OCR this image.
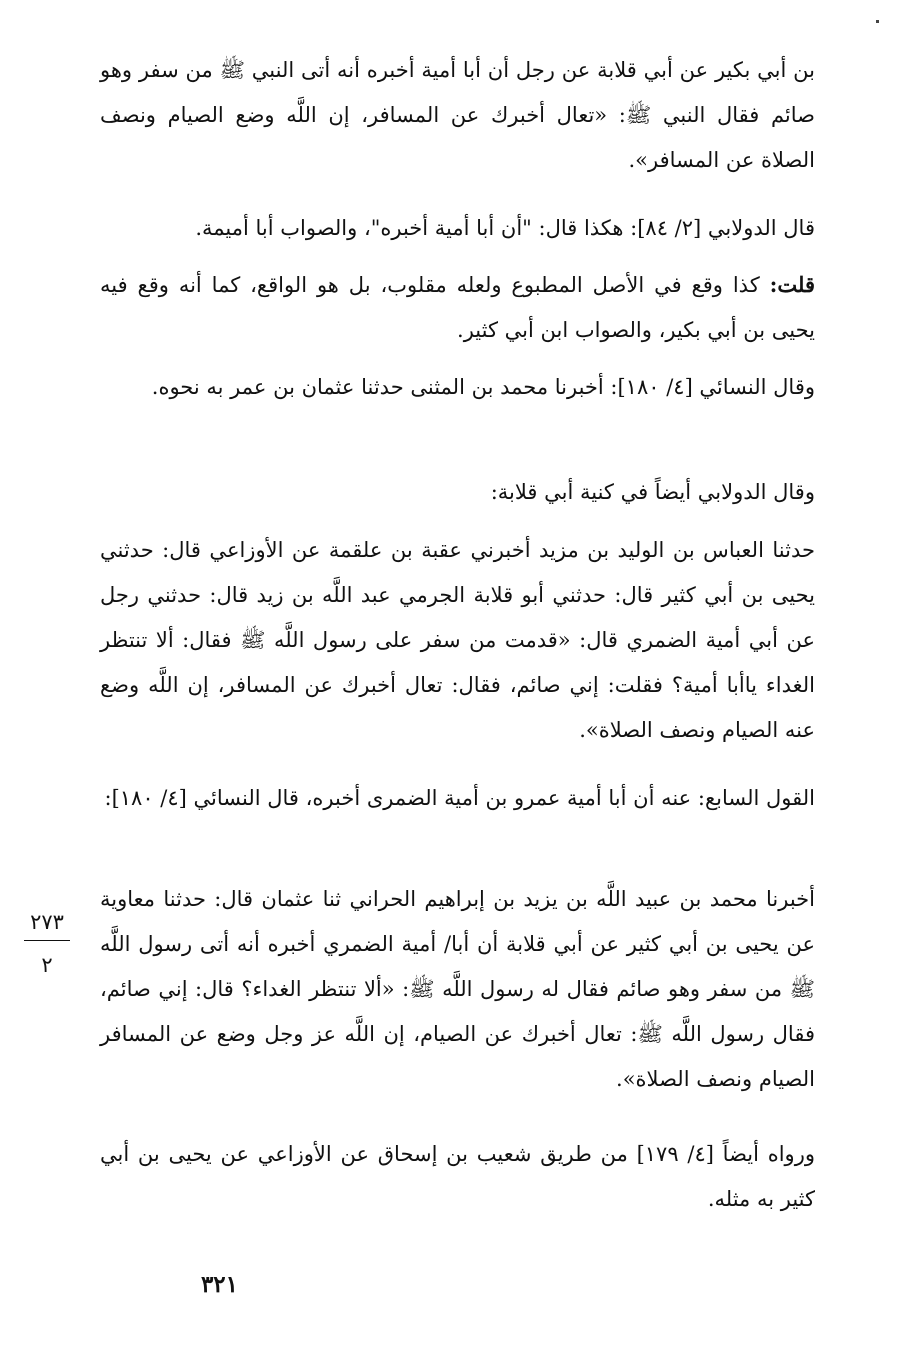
بن أبي بكير عن أبي قلابة عن رجل أن أبا أمية أخبره أنه أتى النبي ﷺ من سفر وهو صائم فقال النبي ﷺ: «تعال أخبرك عن المسافر، إن اللَّه وضع الصيام ونصف الصلاة عن المسافر».

قال الدولابي [٢/ ٨٤]: هكذا قال: "أن أبا أمية أخبره"، والصواب أبا أميمة.

قلت: كذا وقع في الأصل المطبوع ولعله مقلوب، بل هو الواقع، كما أنه وقع فيه يحيى بن أبي بكير، والصواب ابن أبي كثير.

وقال النسائي [٤/ ١٨٠]: أخبرنا محمد بن المثنى حدثنا عثمان بن عمر به نحوه.

وقال الدولابي أيضاً في كنية أبي قلابة:

حدثنا العباس بن الوليد بن مزيد أخبرني عقبة بن علقمة عن الأوزاعي قال: حدثني يحيى بن أبي كثير قال: حدثني أبو قلابة الجرمي عبد اللَّه بن زيد قال: حدثني رجل عن أبي أمية الضمري قال: «قدمت من سفر على رسول اللَّه ﷺ فقال: ألا تنتظر الغداء ياأبا أمية؟ فقلت: إني صائم، فقال: تعال أخبرك عن المسافر، إن اللَّه وضع عنه الصيام ونصف الصلاة».

القول السابع: عنه أن أبا أمية عمرو بن أمية الضمرى أخبره، قال النسائي [٤/ ١٨٠]:

أخبرنا محمد بن عبيد اللَّه بن يزيد بن إبراهيم الحراني ثنا عثمان قال: حدثنا معاوية عن يحيى بن أبي كثير عن أبي قلابة أن أبا/ أمية الضمري أخبره أنه أتى رسول اللَّه ﷺ من سفر وهو صائم فقال له رسول اللَّه ﷺ: «ألا تنتظر الغداء؟ قال: إني صائم، فقال رسول اللَّه ﷺ: تعال أخبرك عن الصيام، إن اللَّه عز وجل وضع عن المسافر الصيام ونصف الصلاة».

ورواه أيضاً [٤/ ١٧٩] من طريق شعيب بن إسحاق عن الأوزاعي عن يحيى بن أبي كثير به مثله.

٢٧٣
٢
٣٢١
